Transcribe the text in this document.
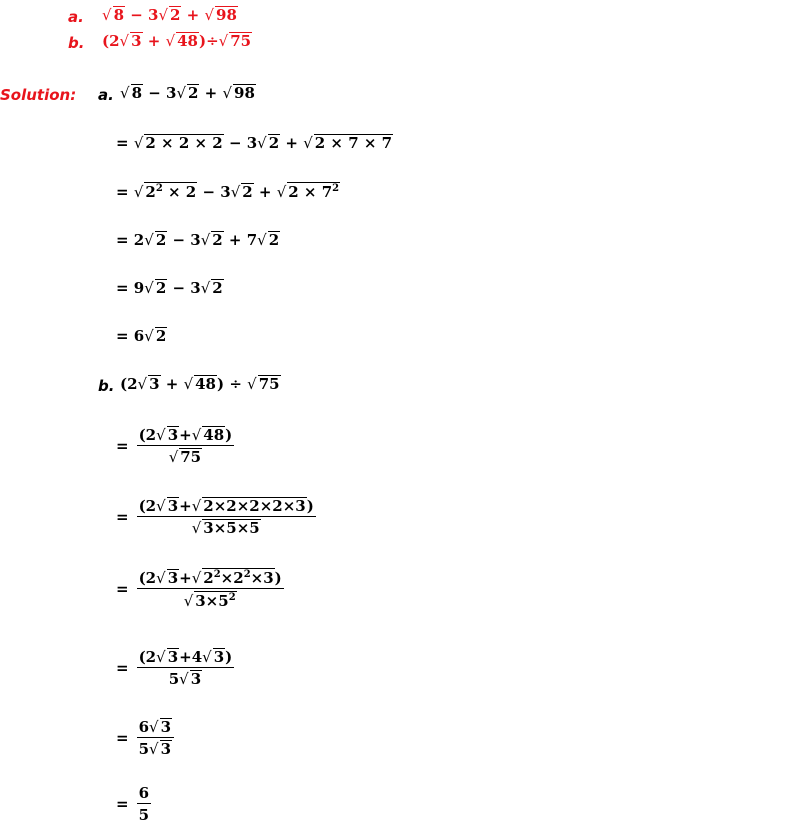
a. √ 8 − 3√ 2 + √ 98
b. (2√ 3 + √ 48)÷√ 75
Solution: a. √ 8 − 3√ 2 + √ 98
= √ 2 × 2 × 2 − 3√ 2 + √ 2 × 7 × 7
= √ $2^2 \times 2 - 3√$ 2 + √ $2 \times 7^2$
= 2√ 2 − 3√ 2 + 7√ 2
= 9√ 2 − 3√ 2
= 6√ 2
b. (2√ 3 + √ 48) ÷ √ 75
= $\frac{(2√ 3+√ 48)}{√ 75}$
= $\frac{(2√ 3+√ 2\times 2\times 2\times 2\times 3)}{√ 3\times 5\times 5}$
= $\frac{(2√ 3+√ 2^2\times 2^2\times 3)}{√ 3\times 5^2}$
= $\frac{(2√ 3+4√ 3)}{5√ 3}$
= $\frac{6√ 3}{5√ 3}$
= $\frac{6}{5}$
